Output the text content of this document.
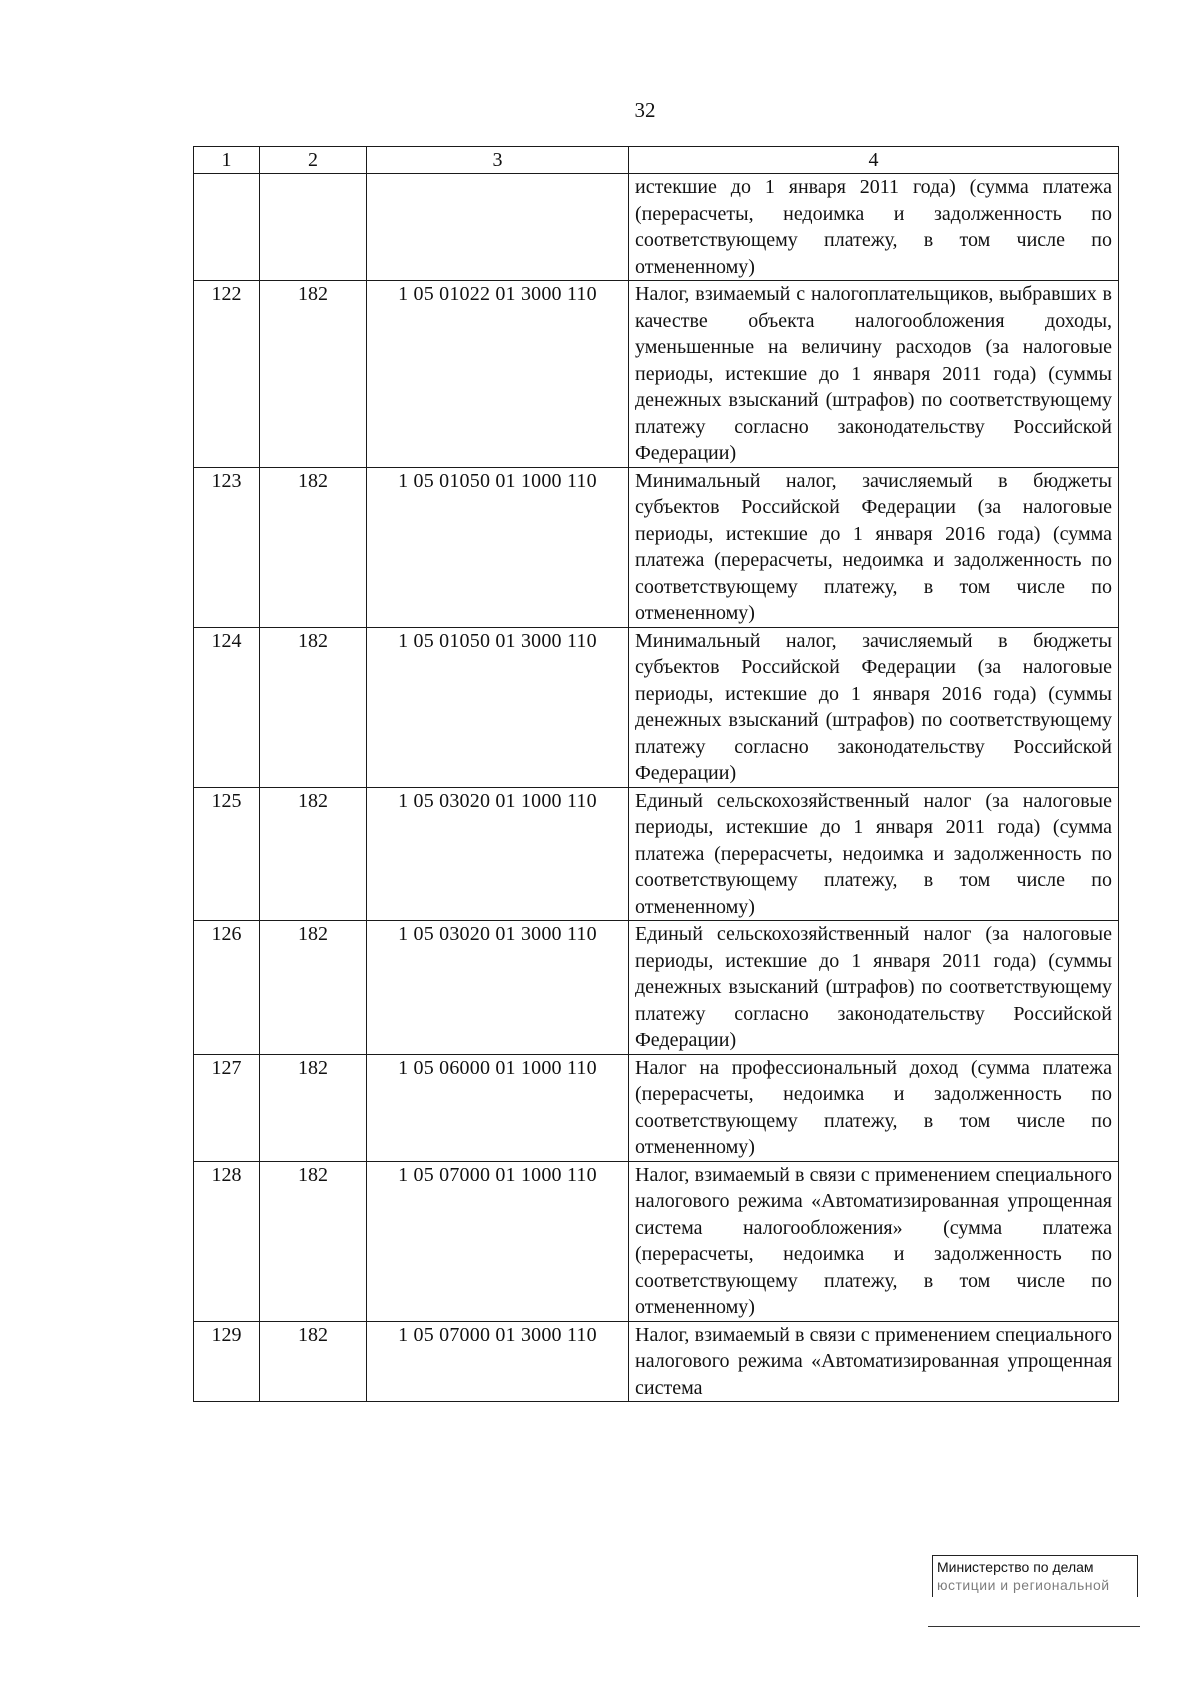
32
1	2	3	4
			истекшие до 1 января 2011 года) (сумма платежа (перерасчеты, недоимка и задолженность по соответствующему платежу, в том числе по отмененному)
122	182	1 05 01022 01 3000 110	Налог, взимаемый с налогоплательщиков, выбравших в качестве объекта налогообложения доходы, уменьшенные на величину расходов (за налоговые периоды, истекшие до 1 января 2011 года) (суммы денежных взысканий (штрафов) по соответствующему платежу согласно законодательству Российской Федерации)
123	182	1 05 01050 01 1000 110	Минимальный налог, зачисляемый в бюджеты субъектов Российской Федерации (за налоговые периоды, истекшие до 1 января 2016 года) (сумма платежа (перерасчеты, недоимка и задолженность по соответствующему платежу, в том числе по отмененному)
124	182	1 05 01050 01 3000 110	Минимальный налог, зачисляемый в бюджеты субъектов Российской Федерации (за налоговые периоды, истекшие до 1 января 2016 года) (суммы денежных взысканий (штрафов) по соответствующему платежу согласно законодательству Российской Федерации)
125	182	1 05 03020 01 1000 110	Единый сельскохозяйственный налог (за налоговые периоды, истекшие до 1 января 2011 года) (сумма платежа (перерасчеты, недоимка и задолженность по соответствующему платежу, в том числе по отмененному)
126	182	1 05 03020 01 3000 110	Единый сельскохозяйственный налог (за налоговые периоды, истекшие до 1 января 2011 года) (суммы денежных взысканий (штрафов) по соответствующему платежу согласно законодательству Российской Федерации)
127	182	1 05 06000 01 1000 110	Налог на профессиональный доход (сумма платежа (перерасчеты, недоимка и задолженность по соответствующему платежу, в том числе по отмененному)
128	182	1 05 07000 01 1000 110	Налог, взимаемый в связи с применением специального налогового режима «Автоматизированная упрощенная система налогообложения» (сумма платежа (перерасчеты, недоимка и задолженность по соответствующему платежу, в том числе по отмененному)
129	182	1 05 07000 01 3000 110	Налог, взимаемый в связи с применением специального налогового режима «Автоматизированная упрощенная система
Министерство по делам
юстиции и региональной
